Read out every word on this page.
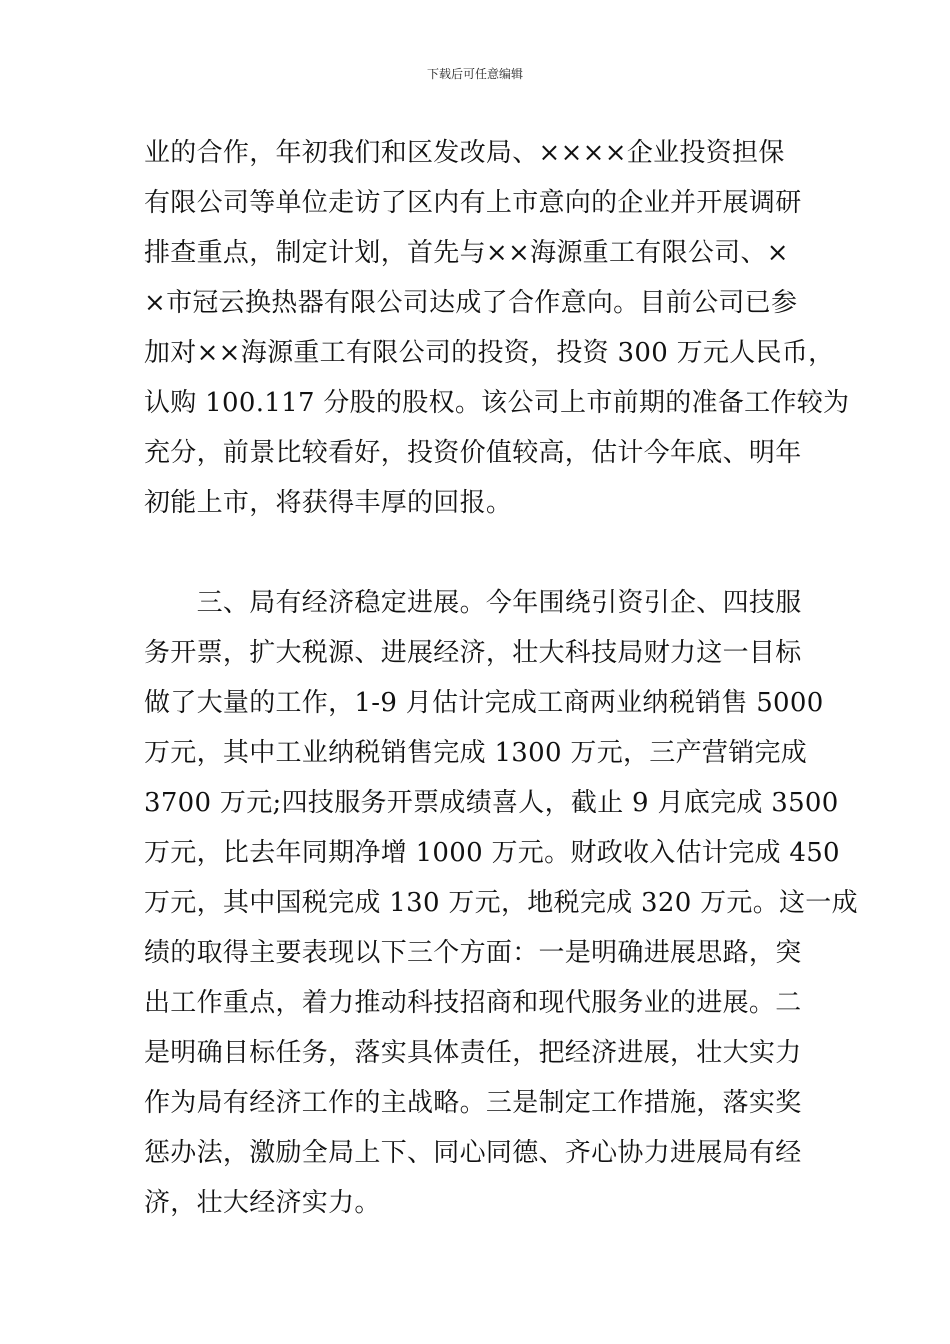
下载后可任意编辑
业的合作，年初我们和区发改局、××××企业投资担保
有限公司等单位走访了区内有上市意向的企业并开展调研
排查重点，制定计划，首先与××海源重工有限公司、×
×市冠云换热器有限公司达成了合作意向。目前公司已参
加对××海源重工有限公司的投资，投资 300 万元人民币，
认购 100.117 分股的股权。该公司上市前期的准备工作较为
充分，前景比较看好，投资价值较高，估计今年底、明年
初能上市，将获得丰厚的回报。
　　三、局有经济稳定进展。今年围绕引资引企、四技服
务开票，扩大税源、进展经济，壮大科技局财力这一目标
做了大量的工作，1-9 月估计完成工商两业纳税销售 5000
万元，其中工业纳税销售完成 1300 万元，三产营销完成
3700 万元;四技服务开票成绩喜人，截止 9 月底完成 3500
万元，比去年同期净增 1000 万元。财政收入估计完成 450
万元，其中国税完成 130 万元，地税完成 320 万元。这一成
绩的取得主要表现以下三个方面：一是明确进展思路，突
出工作重点，着力推动科技招商和现代服务业的进展。二
是明确目标任务，落实具体责任，把经济进展，壮大实力
作为局有经济工作的主战略。三是制定工作措施，落实奖
惩办法，激励全局上下、同心同德、齐心协力进展局有经
济，壮大经济实力。
